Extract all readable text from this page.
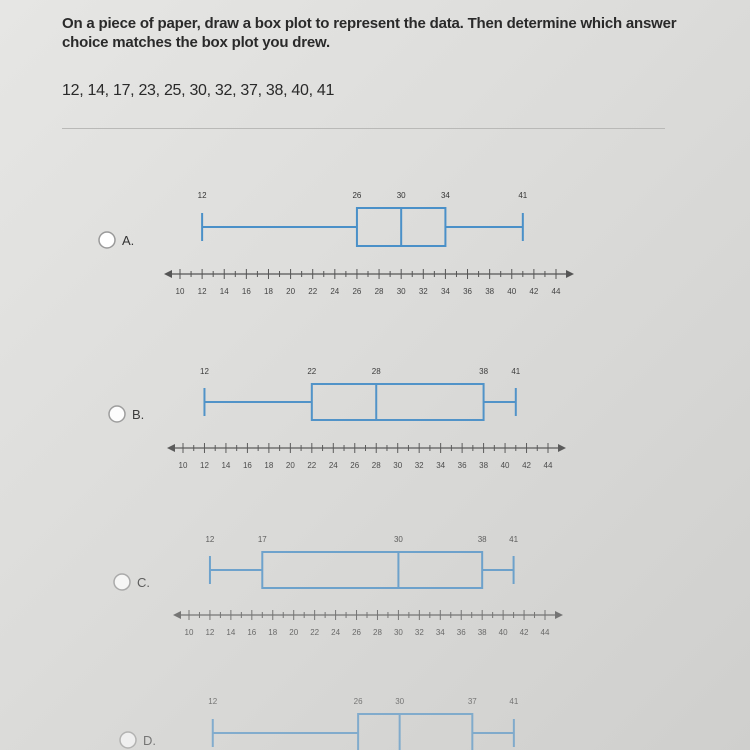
On a piece of paper, draw a box plot to represent the data. Then determine which answer choice matches the box plot you drew.
12, 14, 17, 23, 25, 30, 32, 37, 38, 40, 41
A.
12	26	30	34	41
10 12 14 16 18 20 22 24 26 28 30 32 34 36 38 40 42 44
B.
12	22	28	38	41
10 12 14 16 18 20 22 24 26 28 30 32 34 36 38 40 42 44
C.
12	17	30	38	41
10 12 14 16 18 20 22 24 26 28 30 32 34 36 38 40 42 44
D.
12	26	30	37	41
